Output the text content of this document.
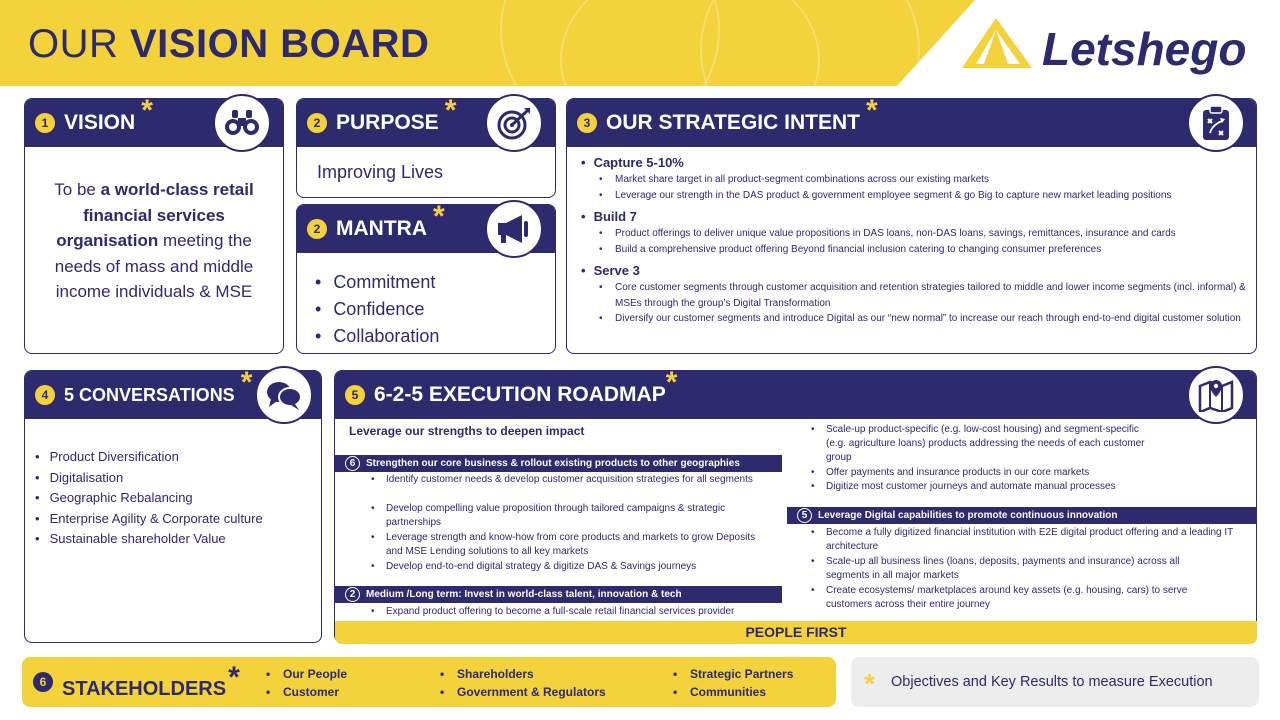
OUR VISION BOARD	Letshego
1 VISION *
To be a world-class retail financial services organisation meeting the needs of mass and middle income individuals & MSE
2 PURPOSE *
Improving Lives
2 MANTRA *
• Commitment
• Confidence
• Collaboration
3 OUR STRATEGIC INTENT *
• Capture 5-10%
• Market share target in all product-segment combinations across our existing markets
• Leverage our strength in the DAS product & government employee segment & go Big to capture new market leading positions
• Build 7
• Product offerings to deliver unique value propositions in DAS loans, non-DAS loans, savings, remittances, insurance and cards
• Build a comprehensive product offering Beyond financial inclusion catering to changing consumer preferences
• Serve 3
• Core customer segments through customer acquisition and retention strategies tailored to middle and lower income segments (incl. informal) & MSEs through the group’s Digital Transformation
• Diversify our customer segments and introduce Digital as our “new normal” to increase our reach through end-to-end digital customer solution
4 5 CONVERSATIONS *
• Product Diversification
• Digitalisation
• Geographic Rebalancing
• Enterprise Agility & Corporate culture
• Sustainable shareholder Value
5 6-2-5 EXECUTION ROADMAP *
Leverage our strengths to deepen impact
6	Strengthen our core business & rollout existing products to other geographies
• Identify customer needs & develop customer acquisition strategies for all segments
• Develop compelling value proposition through tailored campaigns & strategic partnerships
• Leverage strength and know-how from core products and markets to grow Deposits and MSE Lending solutions to all key markets
• Develop end-to-end digital strategy & digitize DAS & Savings journeys
2	Medium /Long term: Invest in world-class talent, innovation & tech
• Expand product offering to become a full-scale retail financial services provider
• Scale-up product-specific (e.g. low-cost housing) and segment-specific (e.g. agriculture loans) products addressing the needs of each customer group
• Offer payments and insurance products in our core markets
• Digitize most customer journeys and automate manual processes
5	Leverage Digital capabilities to promote continuous innovation
• Become a fully digitized financial institution with E2E digital product offering and a leading IT architecture
• Scale-up all business lines (loans, deposits, payments and insurance) across all segments in all major markets
• Create ecosystems/ marketplaces around key assets (e.g. housing, cars) to serve customers across their entire journey
PEOPLE FIRST
6 STAKEHOLDERS*
•	Our People
• Customer
• Shareholders
• Government & Regulators
• Strategic Partners
• Communities	* Objectives and Key Results to measure Execution
